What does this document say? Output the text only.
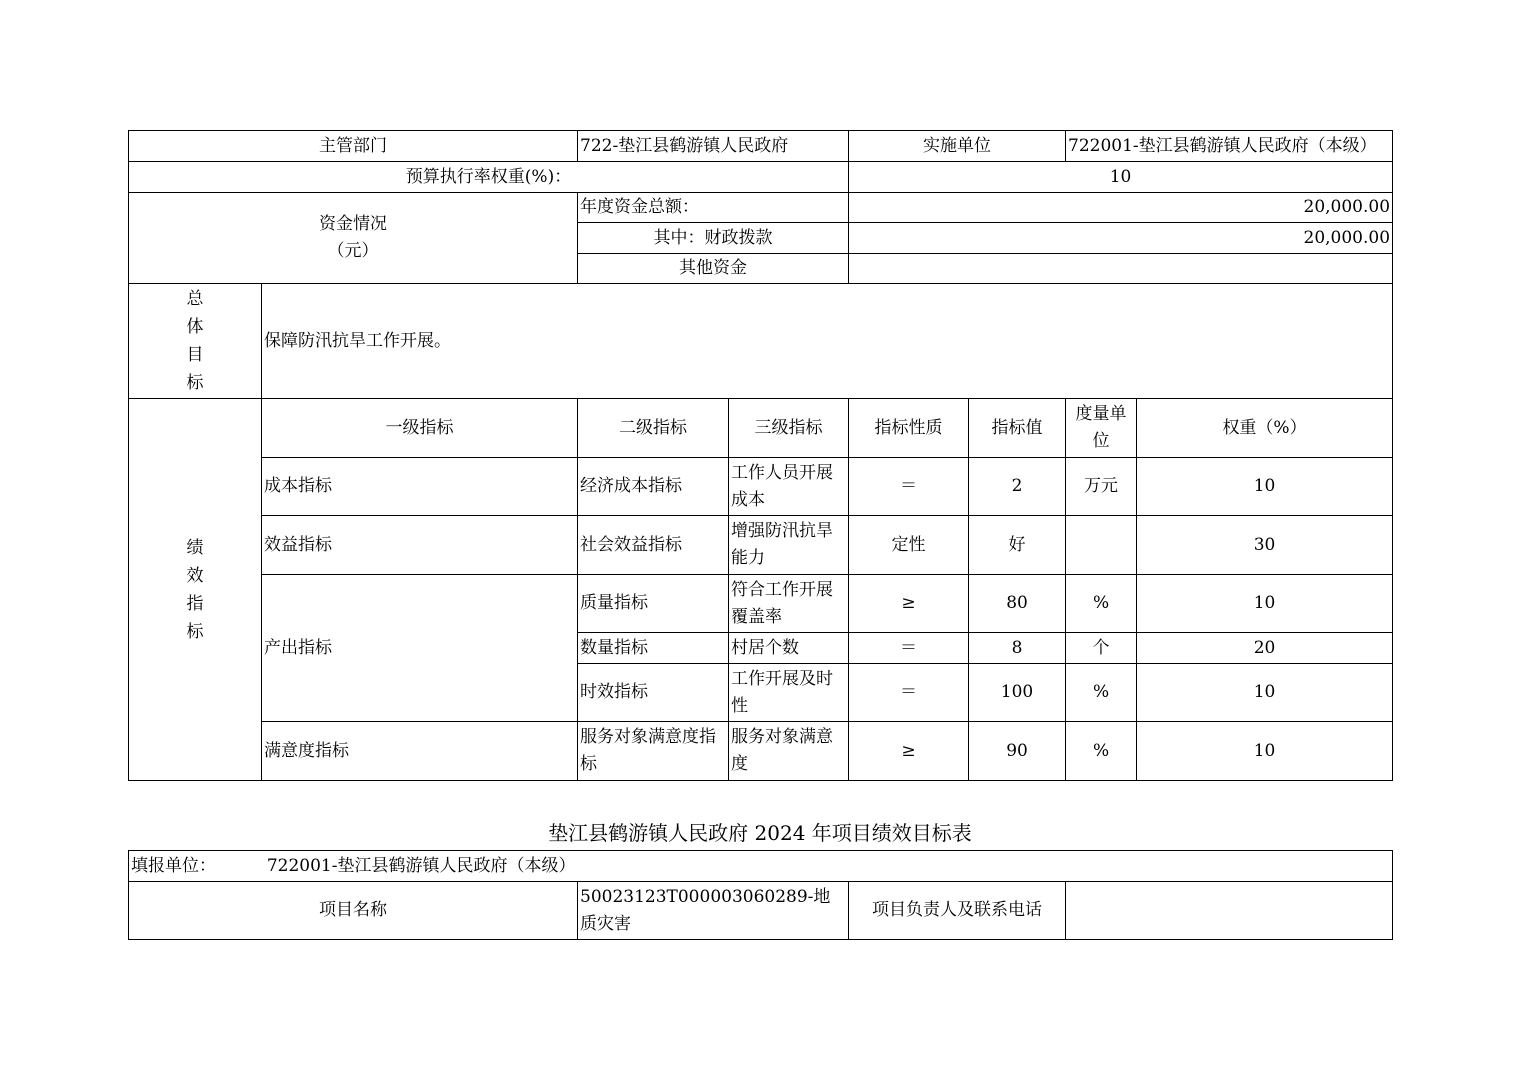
主管部门		722-垫江县鹤游镇人民政府		实施单位		722001-垫江县鹤游镇人民政府（本级）	
预算执行率权重(%)：				10			

资金情况
（元）		年度资金总额：		20,000.00			
		其中：财政拨款		20,000.00			
		其他资金					

总
体
目
标	保障防汛抗旱工作开展。						

绩
效
指
标	一级指标	二级指标	三级指标	指标性质	指标值	度量单位	权重（%）
	成本指标	经济成本指标	工作人员开展成本	＝	2	万元	10
	效益指标	社会效益指标	增强防汛抗旱能力	定性	好		30
	产出指标	质量指标	符合工作开展覆盖率	≥	80	%	10
		数量指标	村居个数	＝	8	个	20
		时效指标	工作开展及时性	＝	100	%	10
	满意度指标	服务对象满意度指标	服务对象满意度	≥	90	%	10
垫江县鹤游镇人民政府 2024 年项目绩效目标表
填报单位：	722001-垫江县鹤游镇人民政府（本级）
项目名称	50023123T000003060289-地质灾害	项目负责人及联系电话	
